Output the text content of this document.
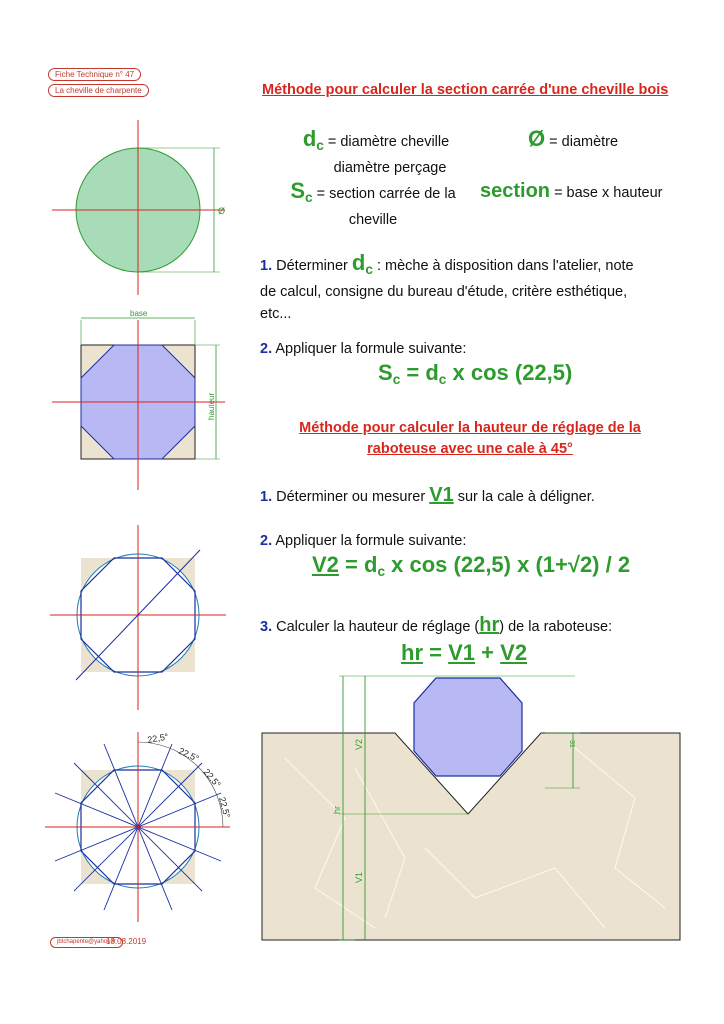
Fiche Technique n° 47
La cheville de charpente
Ø
base
hauteur
22,5°
22,5°
22,5°
22,5°
Méthode pour calculer la section carrée d'une cheville bois
$d_c$ = diamètre cheville
diamètre perçage
Ø = diamètre
$S_c$ = section carrée de la
cheville
section = base x hauteur
1. Déterminer $d_c$ : mèche à disposition dans l'atelier, note
de calcul, consigne du bureau d'étude, critère esthétique,
etc...
2. Appliquer la formule suivante:
$S_c = d_c$ x cos (22,5)
Méthode pour calculer la hauteur de réglage de la
raboteuse avec une cale à 45°
1. Déterminer ou mesurer V1 sur la cale à déligner.
2. Appliquer la formule suivante:
$V2 = d_c$ x cos (22,5) x (1+√2) / 2
3. Calculer la hauteur de réglage (hr) de la raboteuse:
hr = V1 + V2
V2
hr
V1
31
jbtchapente@yahoo.fr
18.08.2019
